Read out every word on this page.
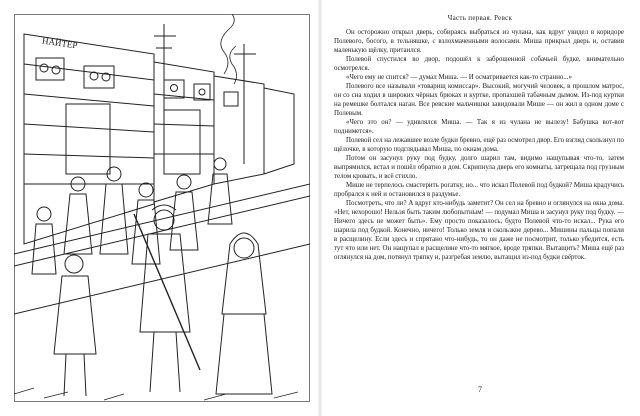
НАЙТЕР
Часть первая. Ревск

Он осторожно открыл дверь, собираясь выбраться из чулана, как вдруг увидел в коридоре Полевого, босого, в тельняшке, с взлохмаченными волосами. Миша прикрыл дверь и, оставив маленькую щёлку, притаился.

Полевой спустился во двор, подошёл к заброшенной собачьей будке, внимательно осмотрелся.

«Чего ему не спится? — думал Миша. — И осматривается как-то странно...»

Полевого все называли «товарищ комиссар». Высокий, могучий человек, в прошлом матрос, он со сна ходил в широких чёрных брюках и куртке, пропахшей табачным дымом. Из-под куртки на ремешке болтался наган. Все ревские мальчишки завидовали Мише — он жил в одном доме с Полевым.

«Чего это он? — удивлялся Миша. — Так я из чулана не вылезу! Бабушка вот-вот поднимется».

Полевой сел на лежавшее возле будки бревно, ещё раз осмотрел двор. Его взгляд скользнул по щёлочке, в которую подглядывал Миша, по окнам дома.

Потом он засунул руку под будку, долго шарил там, видимо нащупывая что-то, затем выпрямился, встал и пошёл обратно в дом. Скрипнула дверь его комнаты, затрещала под грузным телом кровать, и всё стихло.

Мише не терпелось смастерить рогатку, но... что искал Полевой под будкой? Миша крадучись пробрался к ней и остановился в раздумье.

Посмотреть, что ли? А вдруг кто-нибудь заметит? Он сел на бревно и оглянулся на окна дома. «Нет, нехорошо! Нельзя быть таким любопытным! — подумал Миша и засунул руку под будку. — Ничего здесь не может быть». Ему просто показалось, будто Полевой что-то искал... Рука его шарила под будкой. Конечно, ничего! Только земля и скользкое дерево... Мишины пальцы попали в расщелину. Если здесь и спрятано что-нибудь, то он даже не посмотрит, только убедится, есть тут что или нет. Он нащупал в расщелине что-то мягкое, вроде тряпки. Вытащить? Миша ещё раз оглянулся на дом, потянул тряпку и, разгребая землю, вытащил из-под будки свёрток.

7
